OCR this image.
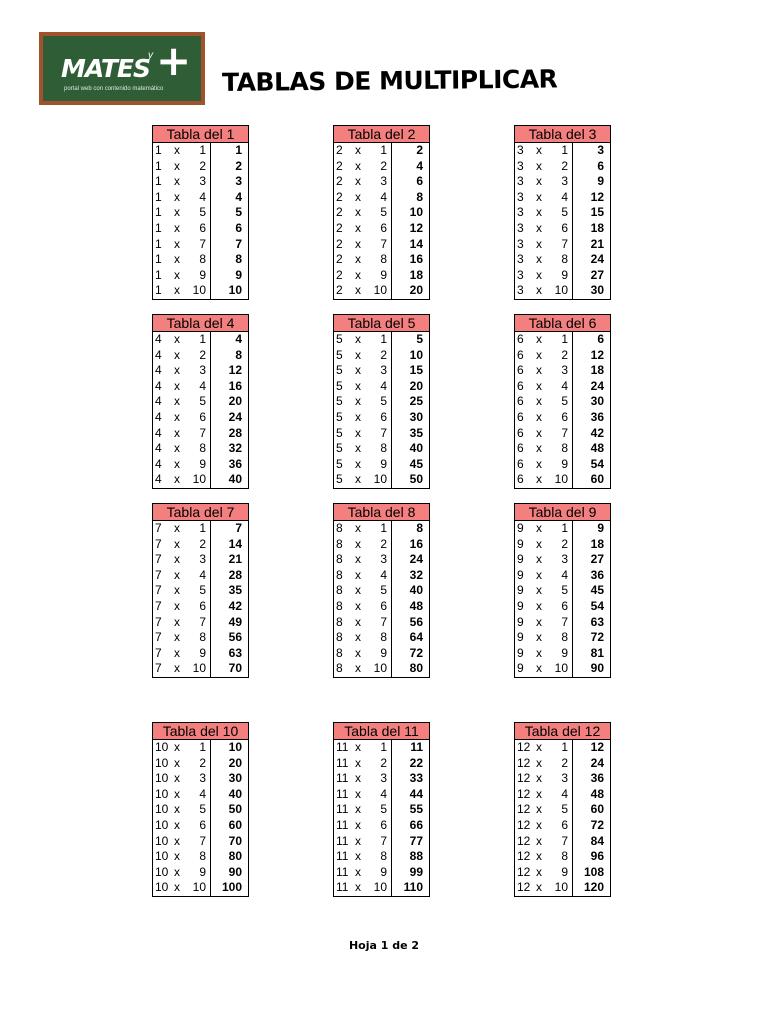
MATES
y +
portal web con contenido matemático TABLAS DE MULTIPLICAR
Tabla del 1
1	x	1	1
1	x	2	2
1	x	3	3
1	x	4	4
1	x	5	5
1	x	6	6
1	x	7	7
1	x	8	8
1	x	9	9
1	x	10	10
Tabla del 2
2	x	1	2
2	x	2	4
2	x	3	6
2	x	4	8
2	x	5	10
2	x	6	12
2	x	7	14
2	x	8	16
2	x	9	18
2	x	10	20
Tabla del 3
3	x	1	3
3	x	2	6
3	x	3	9
3	x	4	12
3	x	5	15
3	x	6	18
3	x	7	21
3	x	8	24
3	x	9	27
3	x	10	30
Tabla del 4
4	x	1	4
4	x	2	8
4	x	3	12
4	x	4	16
4	x	5	20
4	x	6	24
4	x	7	28
4	x	8	32
4	x	9	36
4	x	10	40
Tabla del 5
5	x	1	5
5	x	2	10
5	x	3	15
5	x	4	20
5	x	5	25
5	x	6	30
5	x	7	35
5	x	8	40
5	x	9	45
5	x	10	50
Tabla del 6
6	x	1	6
6	x	2	12
6	x	3	18
6	x	4	24
6	x	5	30
6	x	6	36
6	x	7	42
6	x	8	48
6	x	9	54
6	x	10	60
Tabla del 7
7	x	1	7
7	x	2	14
7	x	3	21
7	x	4	28
7	x	5	35
7	x	6	42
7	x	7	49
7	x	8	56
7	x	9	63
7	x	10	70
Tabla del 8
8	x	1	8
8	x	2	16
8	x	3	24
8	x	4	32
8	x	5	40
8	x	6	48
8	x	7	56
8	x	8	64
8	x	9	72
8	x	10	80
Tabla del 9
9	x	1	9
9	x	2	18
9	x	3	27
9	x	4	36
9	x	5	45
9	x	6	54
9	x	7	63
9	x	8	72
9	x	9	81
9	x	10	90
Tabla del 10
10 x	1	10
10 x	2	20
10 x	3	30
10 x	4	40
10 x	5	50
10 x	6	60
10 x	7	70
10 x	8	80
10 x	9	90
10 x	10	100
Tabla del 11
11 x	1	11
11 x	2	22
11 x	3	33
11 x	4	44
11 x	5	55
11 x	6	66
11 x	7	77
11 x	8	88
11 x	9	99
11 x	10	110
Tabla del 12
12 x	1	12
12 x	2	24
12 x	3	36
12 x	4	48
12 x	5	60
12 x	6	72
12 x	7	84
12 x	8	96
12 x	9	108
12 x	10	120
Hoja 1 de 2
